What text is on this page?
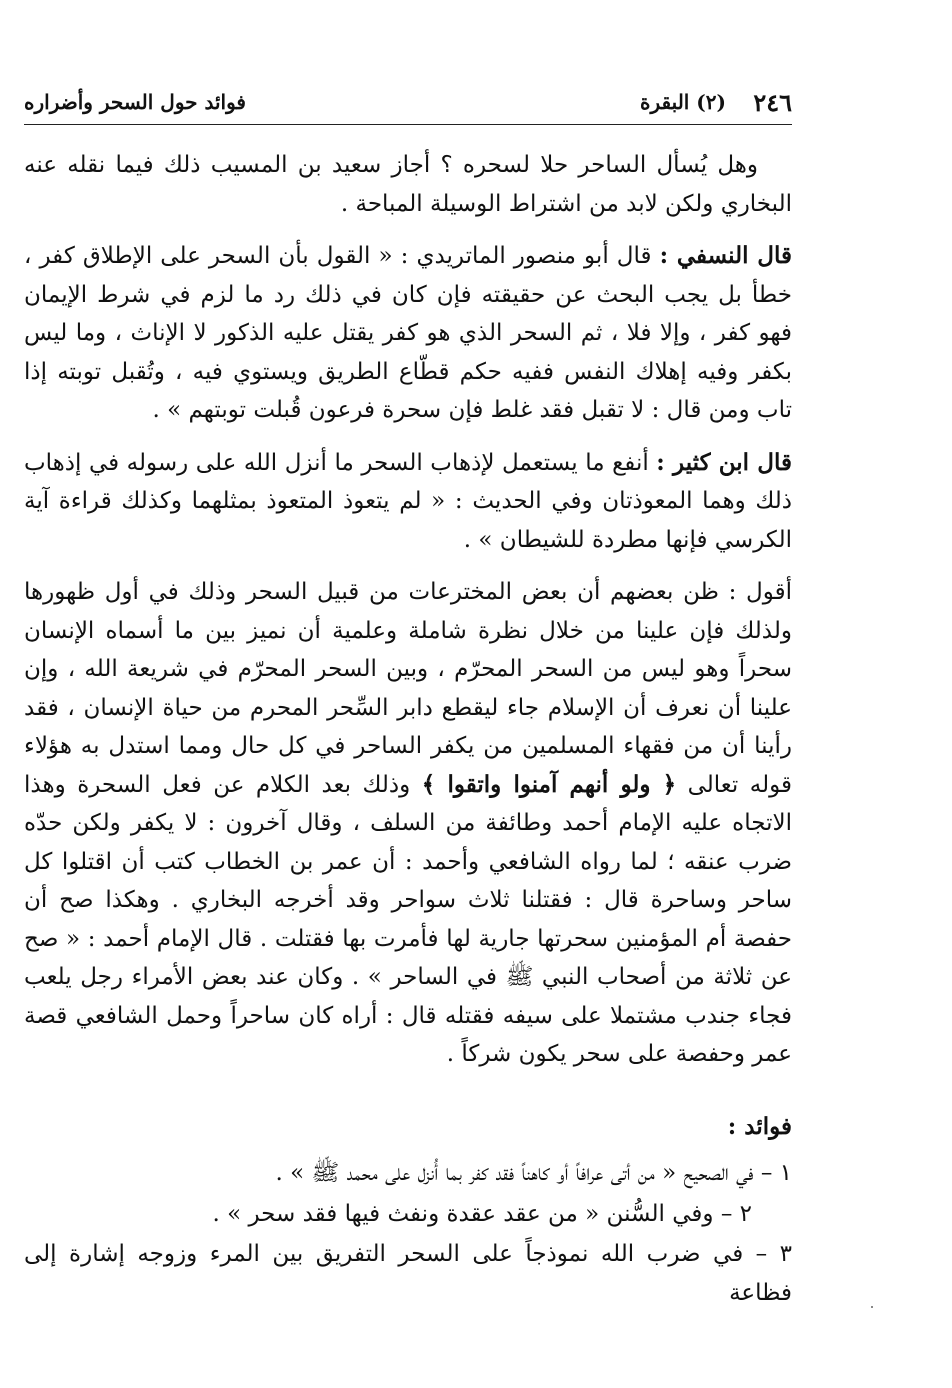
٢٤٦
(٢) البقرة
فوائد حول السحر وأضراره

وهل يُسأل الساحر حلا لسحره ؟ أجاز سعيد بن المسيب ذلك فيما نقله عنه البخاري ولكن لابد من اشتراط الوسيلة المباحة .

قال النسفي : قال أبو منصور الماتريدي : « القول بأن السحر على الإطلاق كفر ، خطأ بل يجب البحث عن حقيقته فإن كان في ذلك رد ما لزم في شرط الإيمان فهو كفر ، وإلا فلا ، ثم السحر الذي هو كفر يقتل عليه الذكور لا الإناث ، وما ليس بكفر وفيه إهلاك النفس ففيه حكم قطّاع الطريق ويستوي فيه ، وتُقبل توبته إذا تاب ومن قال : لا تقبل فقد غلط فإن سحرة فرعون قُبلت توبتهم » .

قال ابن كثير : أنفع ما يستعمل لإذهاب السحر ما أنزل الله على رسوله في إذهاب ذلك وهما المعوذتان وفي الحديث : « لم يتعوذ المتعوذ بمثلهما وكذلك قراءة آية الكرسي فإنها مطردة للشيطان » .

أقول : ظن بعضهم أن بعض المخترعات من قبيل السحر وذلك في أول ظهورها ولذلك فإن علينا من خلال نظرة شاملة وعلمية أن نميز بين ما أسماه الإنسان سحراً وهو ليس من السحر المحرّم ، وبين السحر المحرّم في شريعة الله ، وإن علينا أن نعرف أن الإسلام جاء ليقطع دابر السِّحر المحرم من حياة الإنسان ، فقد رأينا أن من فقهاء المسلمين من يكفر الساحر في كل حال ومما استدل به هؤلاء قوله تعالى ﴿ ولو أنهم آمنوا واتقوا ﴾ وذلك بعد الكلام عن فعل السحرة وهذا الاتجاه عليه الإمام أحمد وطائفة من السلف ، وقال آخرون : لا يكفر ولكن حدّه ضرب عنقه ؛ لما رواه الشافعي وأحمد : أن عمر بن الخطاب كتب أن اقتلوا كل ساحر وساحرة قال : فقتلنا ثلاث سواحر وقد أخرجه البخاري . وهكذا صح أن حفصة أم المؤمنين سحرتها جارية لها فأمرت بها فقتلت . قال الإمام أحمد : « صح عن ثلاثة من أصحاب النبي ﷺ في الساحر » . وكان عند بعض الأمراء رجل يلعب فجاء جندب مشتملا على سيفه فقتله قال : أراه كان ساحراً وحمل الشافعي قصة عمر وحفصة على سحر يكون شركاً .

فوائد :
١ – في الصحيح « من أتى عرافاً أو كاهناً فقد كفر بما أُنزل على محمد ﷺ » .
٢ – وفي السُّنن « من عقد عقدة ونفث فيها فقد سحر » .
٣ – في ضرب الله نموذجاً على السحر التفريق بين المرء وزوجه إشارة إلى فظاعة
